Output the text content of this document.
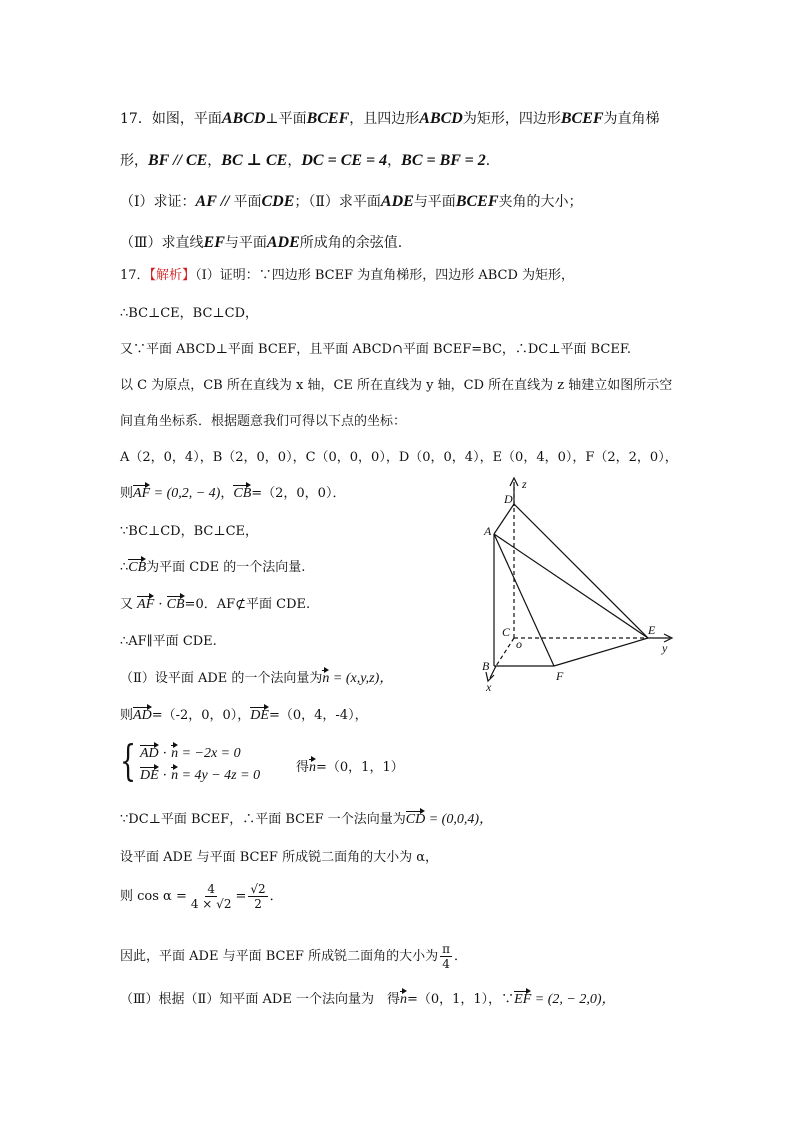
17．如图，平面ABCD⊥平面BCEF，且四边形ABCD为矩形，四边形BCEF为直角梯
形，BF // CE，BC ⊥ CE，DC = CE = 4，BC = BF = 2．
（Ⅰ）求证：AF // 平面CDE；（Ⅱ）求平面ADE与平面BCEF夹角的大小；
（Ⅲ）求直线EF与平面ADE所成角的余弦值.
17．【解析】（Ⅰ）证明：∵四边形 BCEF 为直角梯形，四边形 ABCD 为矩形，
∴BC⊥CE，BC⊥CD，
又∵平面 ABCD⊥平面 BCEF，且平面 ABCD∩平面 BCEF=BC，∴DC⊥平面 BCEF.
以 C 为原点，CB 所在直线为 x 轴，CE 所在直线为 y 轴，CD 所在直线为 z 轴建立如图所示空
间直角坐标系．根据题意我们可得以下点的坐标：
A（2，0，4），B（2，0，0），C（0，0，0），D（0，0，4），E（0，4，0），F（2，2，0），
则AF = (0,2, − 4)，CB=（2，0，0）．
∵BC⊥CD，BC⊥CE，
∴CB为平面 CDE 的一个法向量.
又 AF · CB=0．AF⊄平面 CDE.
∴AF∥平面 CDE.
（Ⅱ）设平面 ADE 的一个法向量为n = (x,y,z)，
则AD=（-2，0，0），DE=（0，4，-4），
{ AD · n = −2x = 0
DE · n = 4y − 4z = 0
得n=（0，1，1）
∵DC⊥平面 BCEF，∴平面 BCEF 一个法向量为CD = (0,0,4)，
设平面 ADE 与平面 BCEF 所成锐二面角的大小为 α，
则 $\cos \alpha = \frac{4}{4 \times √2} = \frac{√2}{2}$ ．
因此，平面 ADE 与平面 BCEF 所成锐二面角的大小为 $\frac{\pi}{4}$ ．
（Ⅲ）根据（Ⅱ）知平面 ADE 一个法向量为　得n=（0，1，1），∵EF = (2, − 2,0)，
D
z
A
C
o
E
y
B
F
x
